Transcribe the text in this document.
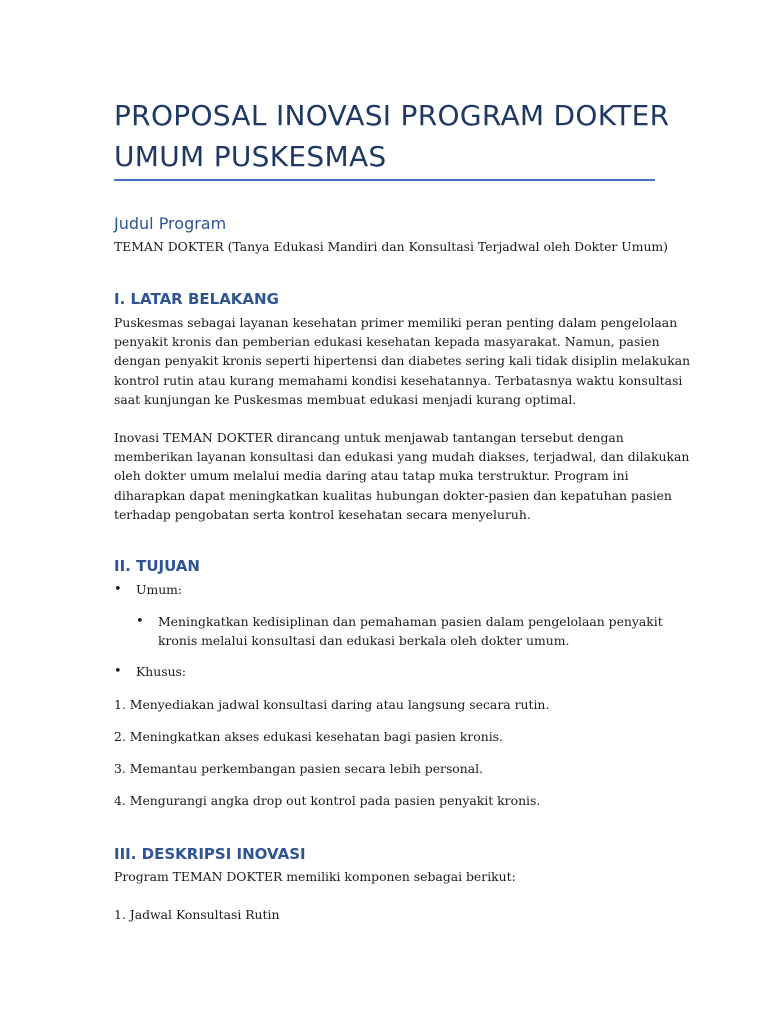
PROPOSAL INOVASI PROGRAM DOKTER
UMUM PUSKESMAS
Judul Program
TEMAN DOKTER (Tanya Edukasi Mandiri dan Konsultasi Terjadwal oleh Dokter Umum)
I. LATAR BELAKANG
Puskesmas sebagai layanan kesehatan primer memiliki peran penting dalam pengelolaan
penyakit kronis dan pemberian edukasi kesehatan kepada masyarakat. Namun, pasien
dengan penyakit kronis seperti hipertensi dan diabetes sering kali tidak disiplin melakukan
kontrol rutin atau kurang memahami kondisi kesehatannya. Terbatasnya waktu konsultasi
saat kunjungan ke Puskesmas membuat edukasi menjadi kurang optimal.
Inovasi TEMAN DOKTER dirancang untuk menjawab tantangan tersebut dengan
memberikan layanan konsultasi dan edukasi yang mudah diakses, terjadwal, dan dilakukan
oleh dokter umum melalui media daring atau tatap muka terstruktur. Program ini
diharapkan dapat meningkatkan kualitas hubungan dokter-pasien dan kepatuhan pasien
terhadap pengobatan serta kontrol kesehatan secara menyeluruh.
II. TUJUAN
• Umum:
• Meningkatkan kedisiplinan dan pemahaman pasien dalam pengelolaan penyakit
kronis melalui konsultasi dan edukasi berkala oleh dokter umum.
• Khusus:
1. Menyediakan jadwal konsultasi daring atau langsung secara rutin.
2. Meningkatkan akses edukasi kesehatan bagi pasien kronis.
3. Memantau perkembangan pasien secara lebih personal.
4. Mengurangi angka drop out kontrol pada pasien penyakit kronis.
III. DESKRIPSI INOVASI
Program TEMAN DOKTER memiliki komponen sebagai berikut:
1. Jadwal Konsultasi Rutin
